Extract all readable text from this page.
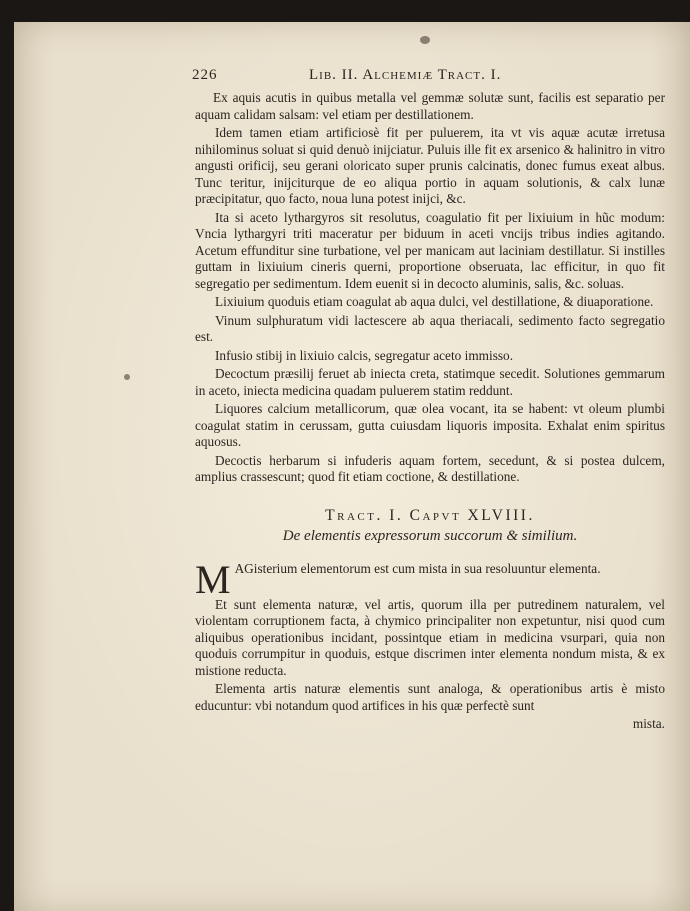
226	Lib. II. Alchemiæ Tract. I.

Ex aquis acutis in quibus metalla vel gemmæ solutæ sunt, facilis est separatio per aquam calidam salsam: vel etiam per destillationem.

Idem tamen etiam artificiosè fit per puluerem, ita vt vis aquæ acutæ irretusa nihilominus soluat si quid denuò inijciatur. Puluis ille fit ex arsenico & halinitro in vitro angusti orificij, seu gerani oloricato super prunis calcinatis, donec fumus exeat albus. Tunc teritur, inijciturque de eo aliqua portio in aquam solutionis, & calx lunæ præcipitatur, quo facto, noua luna potest inijci, &c.

Ita si aceto lythargyros sit resolutus, coagulatio fit per lixiuium in hũc modum: Vncia lythargyri triti maceratur per biduum in aceti vncijs tribus indies agitando. Acetum effunditur sine turbatione, vel per manicam aut laciniam destillatur. Si instilles guttam in lixiuium cineris querni, proportione obseruata, lac efficitur, in quo fit segregatio per sedimentum. Idem euenit si in decocto aluminis, salis, &c. soluas.

Lixiuium quoduis etiam coagulat ab aqua dulci, vel destillatione, & diuaporatione.

Vinum sulphuratum vidi lactescere ab aqua theriacali, sedimento facto segregatio est.

Infusio stibij in lixiuio calcis, segregatur aceto immisso.

Decoctum præsilij feruet ab iniecta creta, statimque secedit. Solutiones gemmarum in aceto, iniecta medicina quadam puluerem statim reddunt.

Liquores calcium metallicorum, quæ olea vocant, ita se habent: vt oleum plumbi coagulat statim in cerussam, gutta cuiusdam liquoris imposita. Exhalat enim spiritus aquosus.

Decoctis herbarum si infuderis aquam fortem, secedunt, & si postea dulcem, amplius crassescunt; quod fit etiam coctione, & destillatione.

Tract. I. Capvt XLVIII.
De elementis expressorum succorum & similium.

M AGisterium elementorum est cum mista in sua resoluuntur elementa.

Et sunt elementa naturæ, vel artis, quorum illa per putredinem naturalem, vel violentam corruptionem facta, à chymico principaliter non expetuntur, nisi quod cum aliquibus operationibus incidant, possintque etiam in medicina vsurpari, quia non quoduis corrumpitur in quoduis, estque discrimen inter elementa nondum mista, & ex mistione reducta.

Elementa artis naturæ elementis sunt analoga, & operationibus artis è misto educuntur: vbi notandum quod artifices in his quæ perfectè sunt

mista.
